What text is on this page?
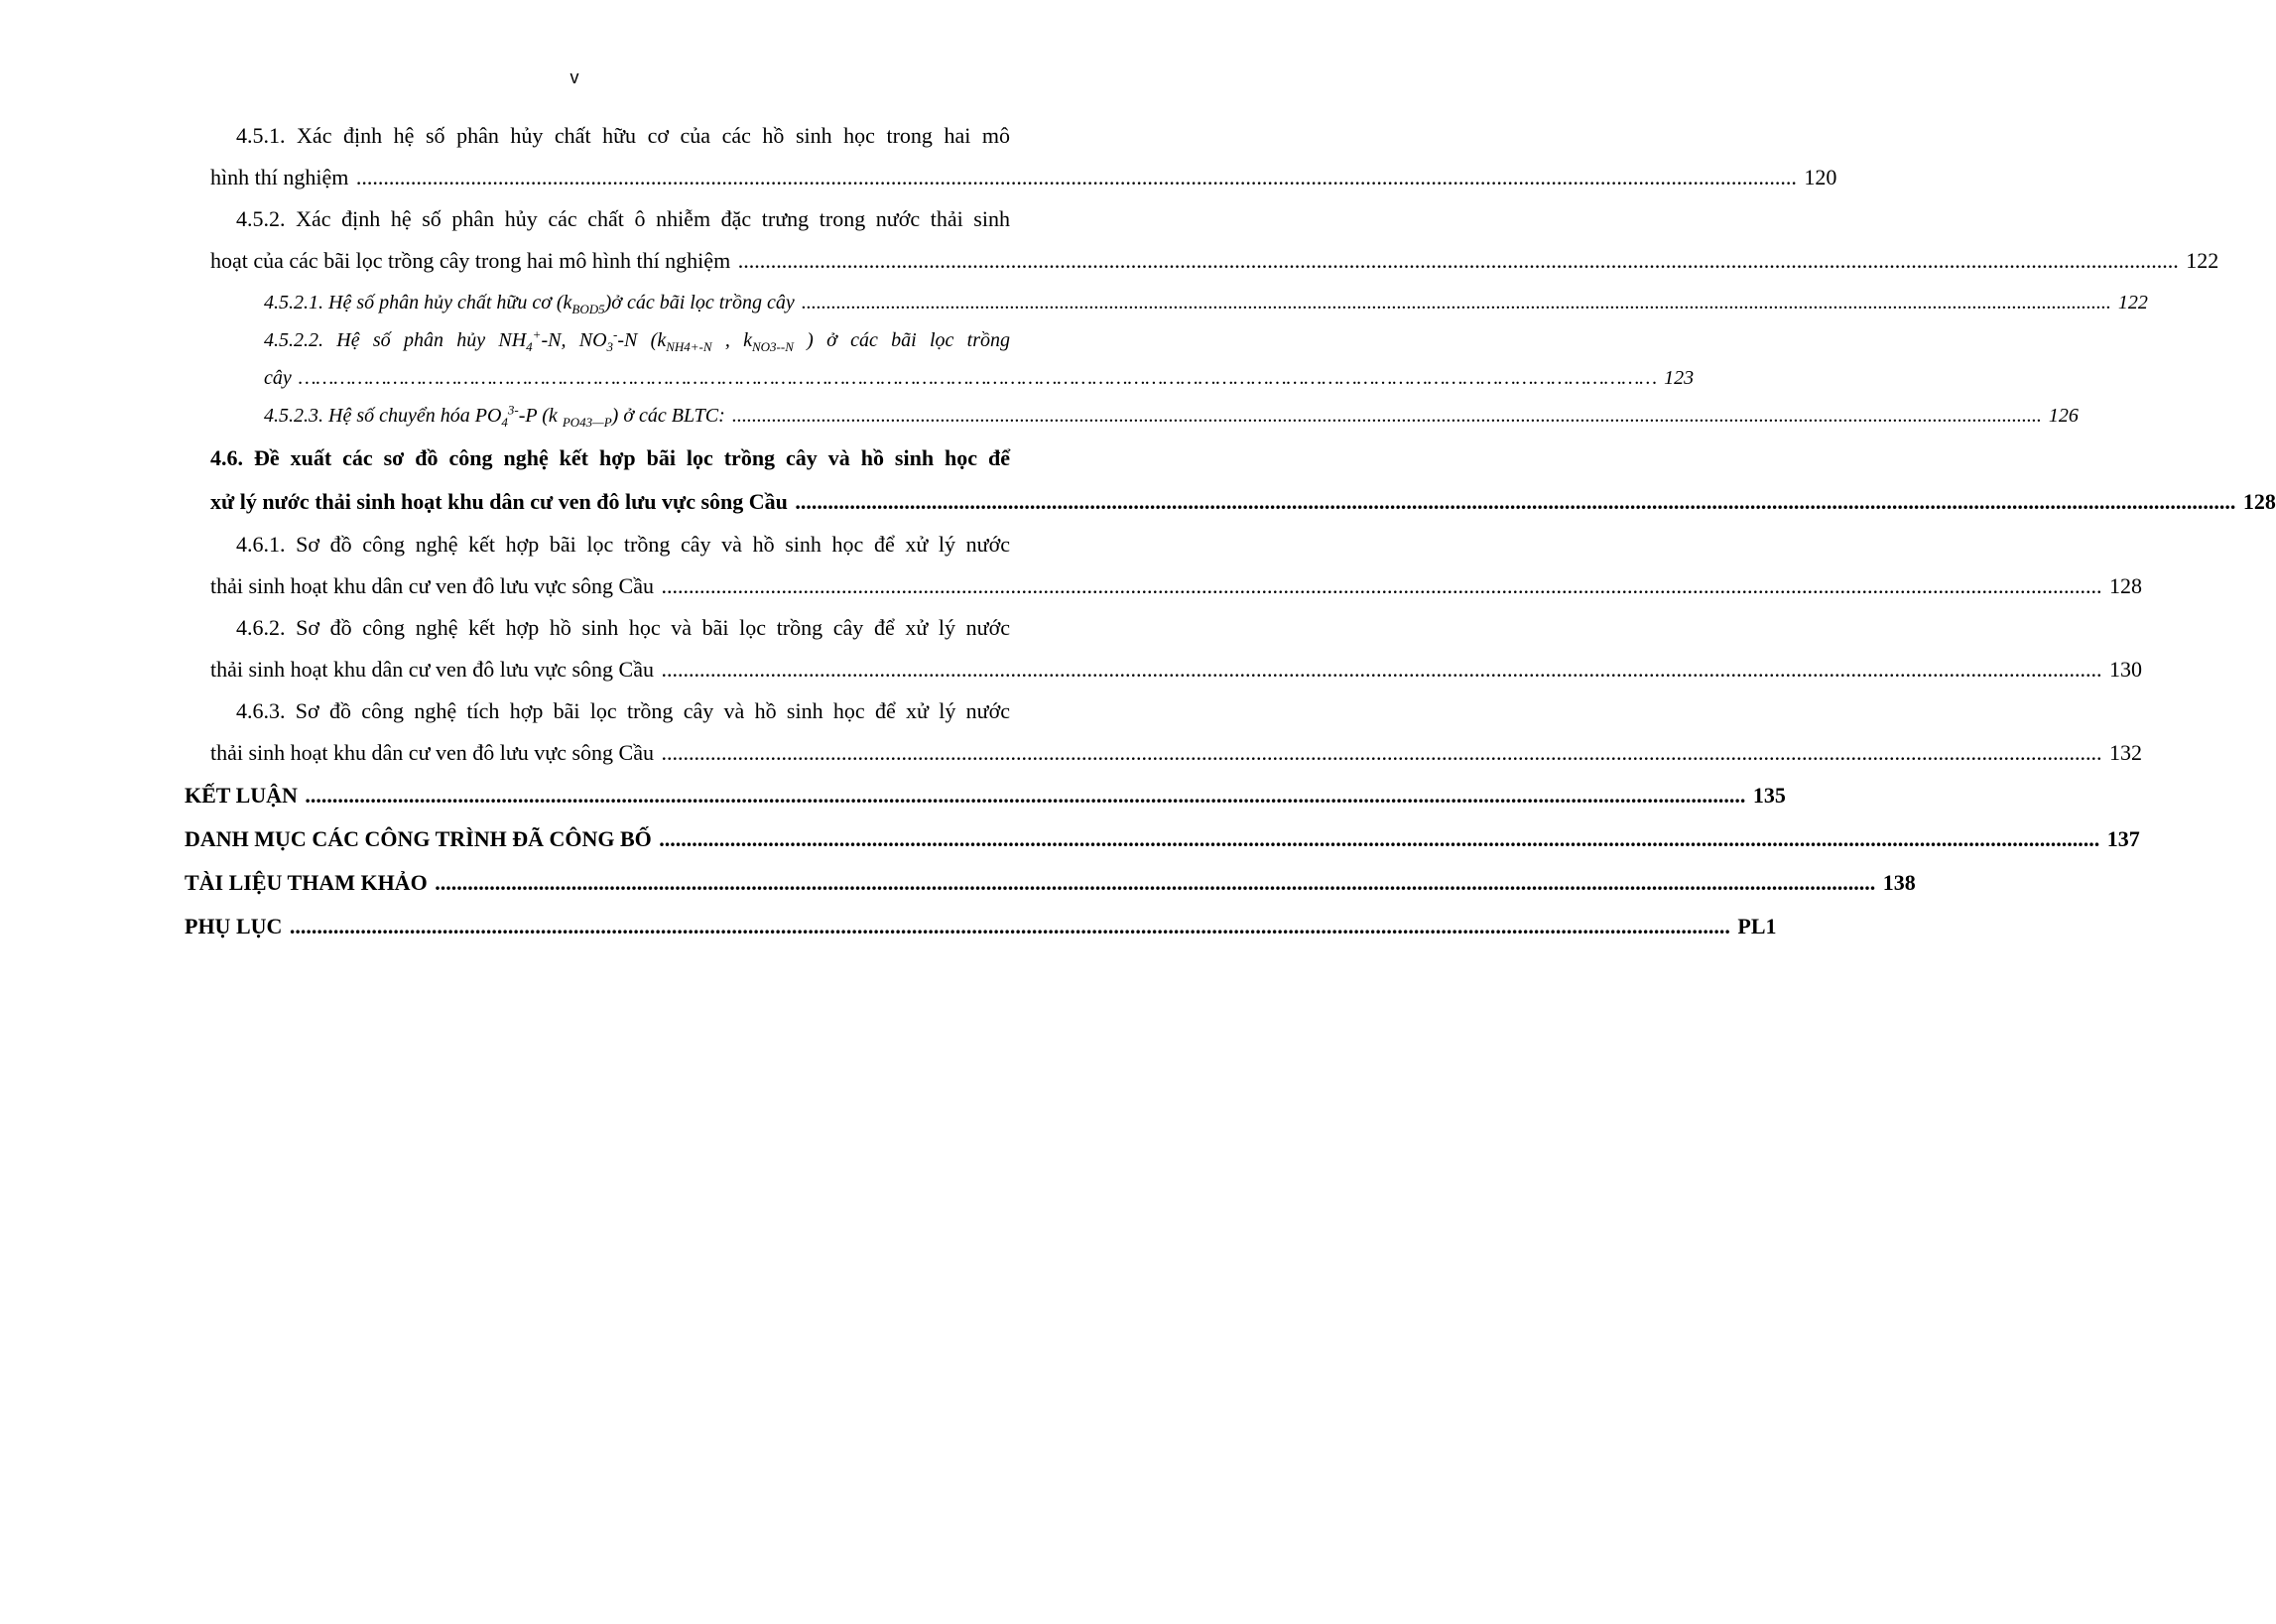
v
4.5.1. Xác định hệ số phân hủy chất hữu cơ của các hồ sinh học trong hai mô
hình thí nghiệm .....	120
4.5.2. Xác định hệ số phân hủy các chất ô nhiễm đặc trưng trong nước thải sinh
hoạt của các bãi lọc trồng cây trong hai mô hình thí nghiệm .....	122
4.5.2.1. Hệ số phân hủy chất hữu cơ $(k_{BOD5})ở$ các bãi lọc trồng cây .....	122
4.5.2.2. Hệ số phân hủy $NH_4^+-N$, $NO_3^--N$ ($k_{NH4+-N}$ , $k_{NO3--N}$ ) ở các bãi lọc trồng
cây ……………………………………………………………………………………………………………………………………………………………………………………………………………	123
4.5.2.3. Hệ số chuyển hóa $PO_4^{3-}-P$ (k $_{PO43—P}$) ở các BLTC: .....	126
4.6. Đề xuất các sơ đồ công nghệ kết hợp bãi lọc trồng cây và hồ sinh học để
xử lý nước thải sinh hoạt khu dân cư ven đô lưu vực sông Cầu .....	128
4.6.1. Sơ đồ công nghệ kết hợp bãi lọc trồng cây và hồ sinh học để xử lý nước
thải sinh hoạt khu dân cư ven đô lưu vực sông Cầu .....	128
4.6.2. Sơ đồ công nghệ kết hợp hồ sinh học và bãi lọc trồng cây để xử lý nước
thải sinh hoạt khu dân cư ven đô lưu vực sông Cầu .....	130
4.6.3. Sơ đồ công nghệ tích hợp bãi lọc trồng cây và hồ sinh học để xử lý nước
thải sinh hoạt khu dân cư ven đô lưu vực sông Cầu .....	132
KẾT LUẬN .....	135
DANH MỤC CÁC CÔNG TRÌNH ĐÃ CÔNG BỐ .....	137
TÀI LIỆU THAM KHẢO .....	138
PHỤ LỤC .....	PL1
